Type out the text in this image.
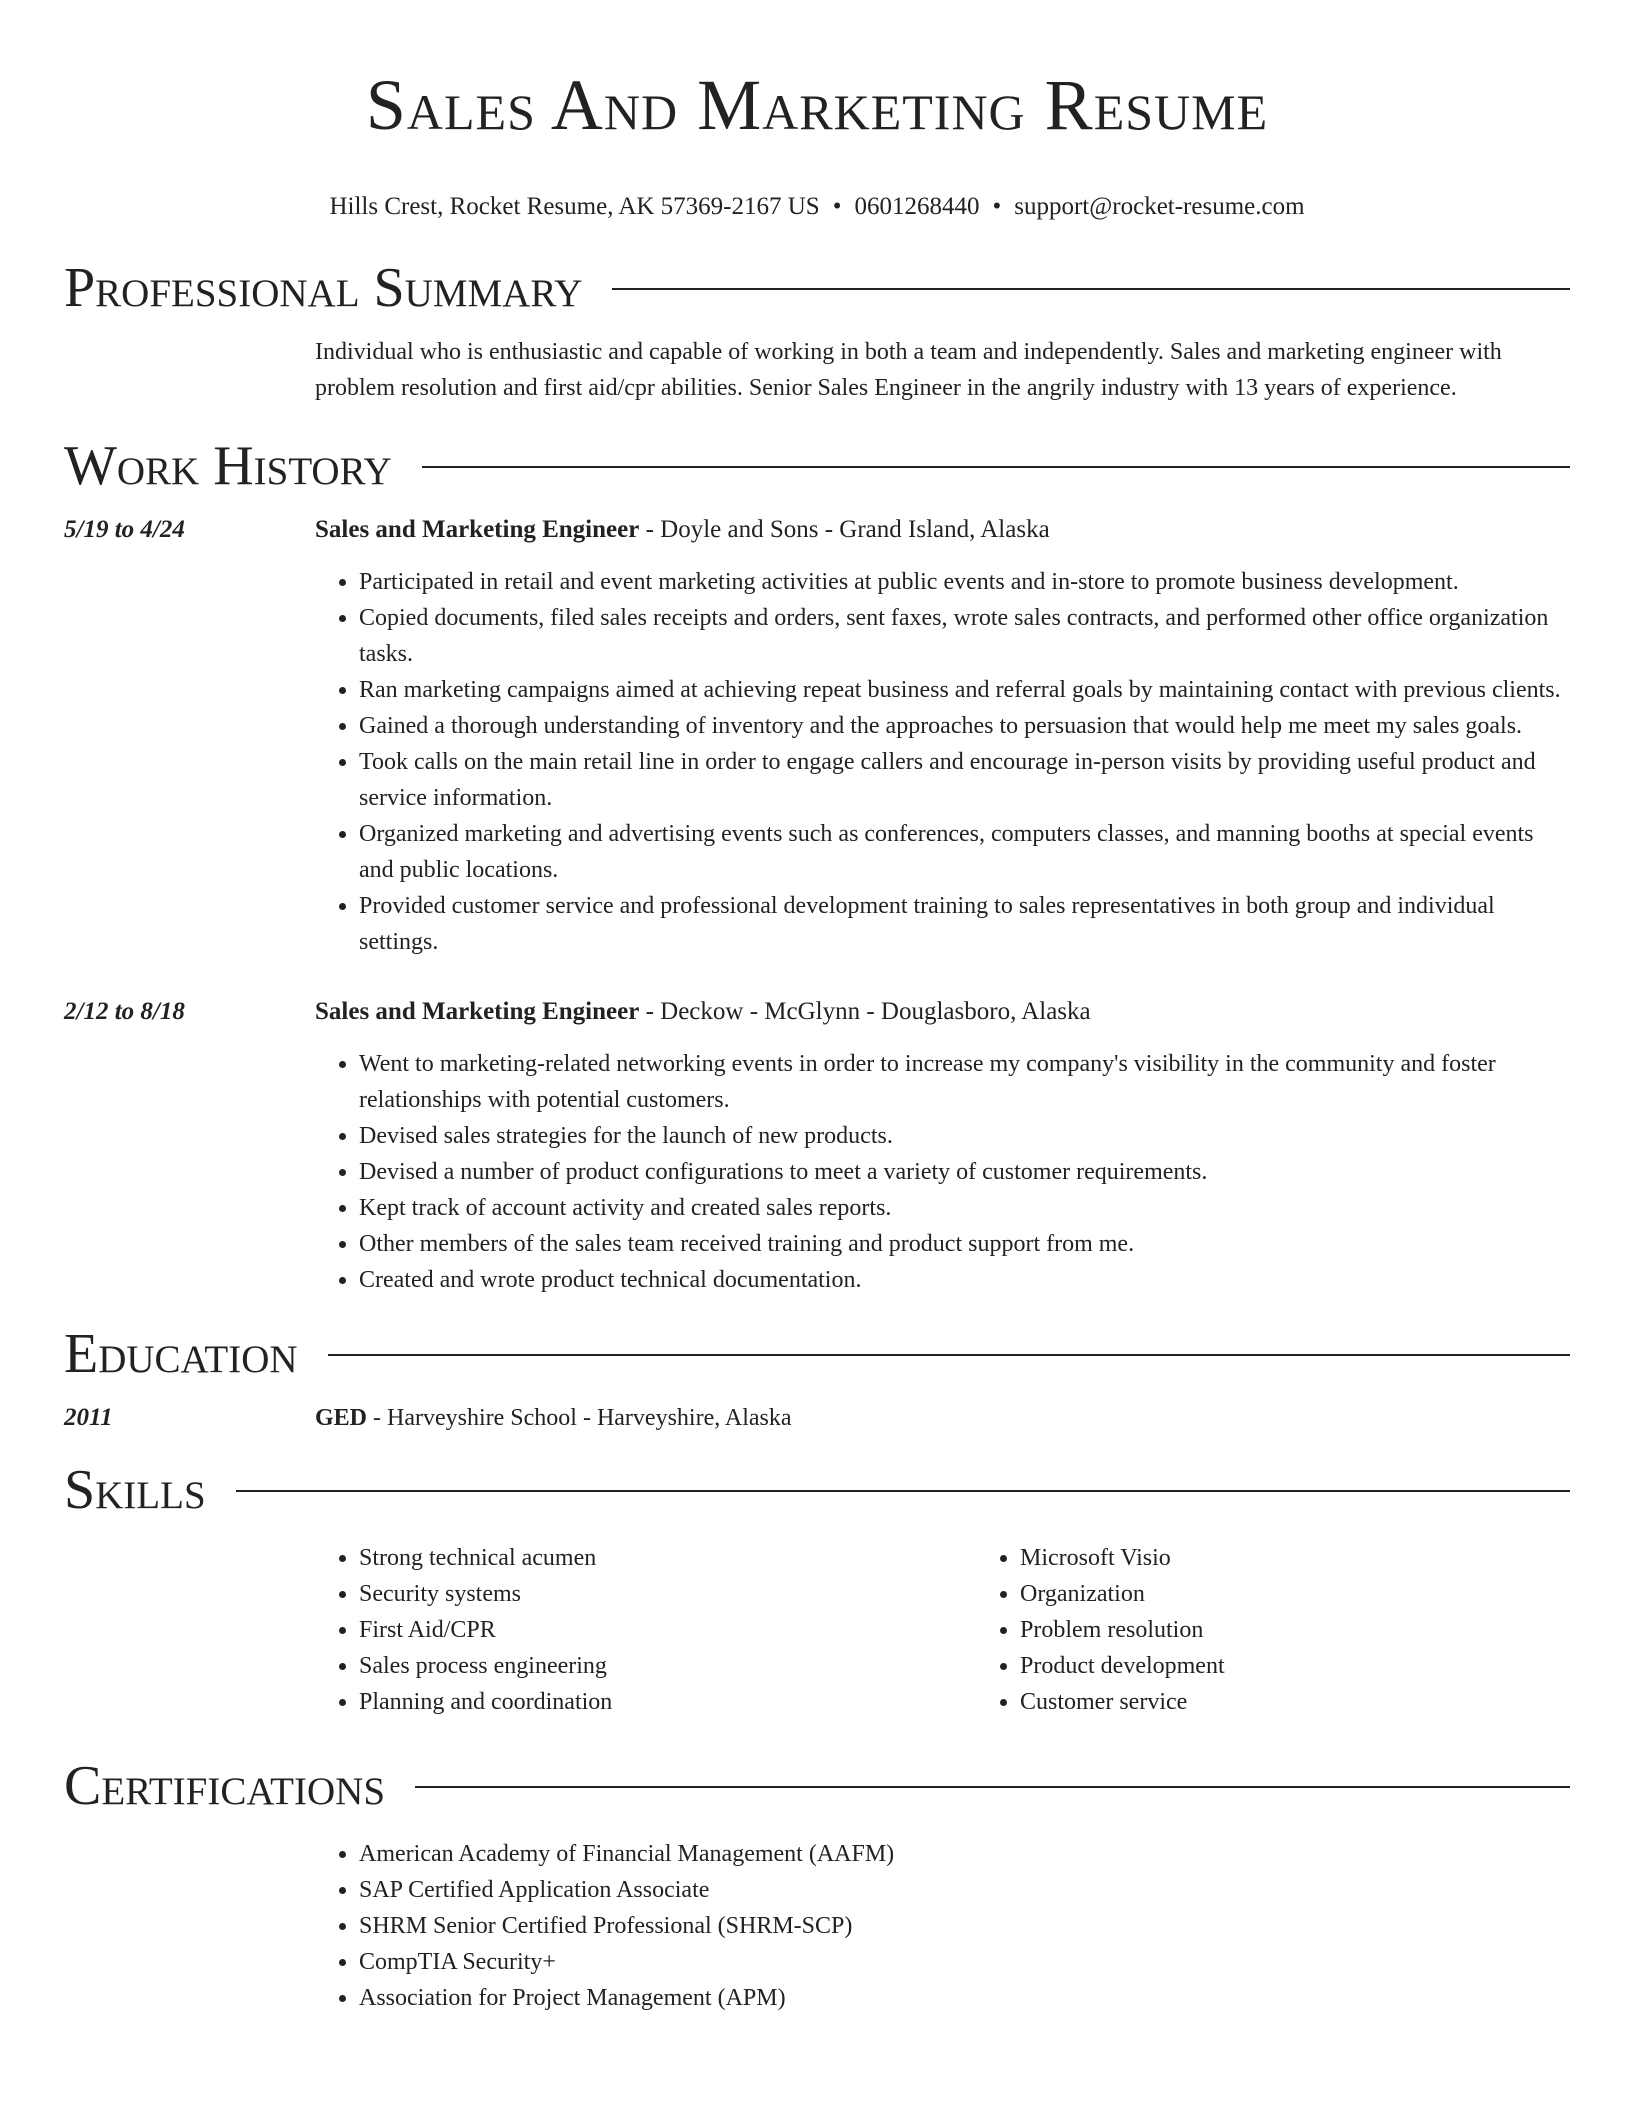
Sales And Marketing Resume
Hills Crest, Rocket Resume, AK 57369-2167 US • 0601268440 • support@rocket-resume.com
Professional Summary
Individual who is enthusiastic and capable of working in both a team and independently. Sales and marketing engineer with problem resolution and first aid/cpr abilities. Senior Sales Engineer in the angrily industry with 13 years of experience.
Work History
5/19 to 4/24	Sales and Marketing Engineer - Doyle and Sons - Grand Island, Alaska
• Participated in retail and event marketing activities at public events and in-store to promote business development.
• Copied documents, filed sales receipts and orders, sent faxes, wrote sales contracts, and performed other office organization tasks.
• Ran marketing campaigns aimed at achieving repeat business and referral goals by maintaining contact with previous clients.
• Gained a thorough understanding of inventory and the approaches to persuasion that would help me meet my sales goals.
• Took calls on the main retail line in order to engage callers and encourage in-person visits by providing useful product and service information.
• Organized marketing and advertising events such as conferences, computers classes, and manning booths at special events and public locations.
• Provided customer service and professional development training to sales representatives in both group and individual settings.
2/12 to 8/18	Sales and Marketing Engineer - Deckow - McGlynn - Douglasboro, Alaska
• Went to marketing-related networking events in order to increase my company's visibility in the community and foster relationships with potential customers.
• Devised sales strategies for the launch of new products.
• Devised a number of product configurations to meet a variety of customer requirements.
• Kept track of account activity and created sales reports.
• Other members of the sales team received training and product support from me.
• Created and wrote product technical documentation.
Education
2011	GED - Harveyshire School - Harveyshire, Alaska
Skills
• Strong technical acumen
• Security systems
• First Aid/CPR
• Sales process engineering
• Planning and coordination
• Microsoft Visio
• Organization
• Problem resolution
• Product development
• Customer service
Certifications
• American Academy of Financial Management (AAFM)
• SAP Certified Application Associate
• SHRM Senior Certified Professional (SHRM-SCP)
• CompTIA Security+
• Association for Project Management (APM)
